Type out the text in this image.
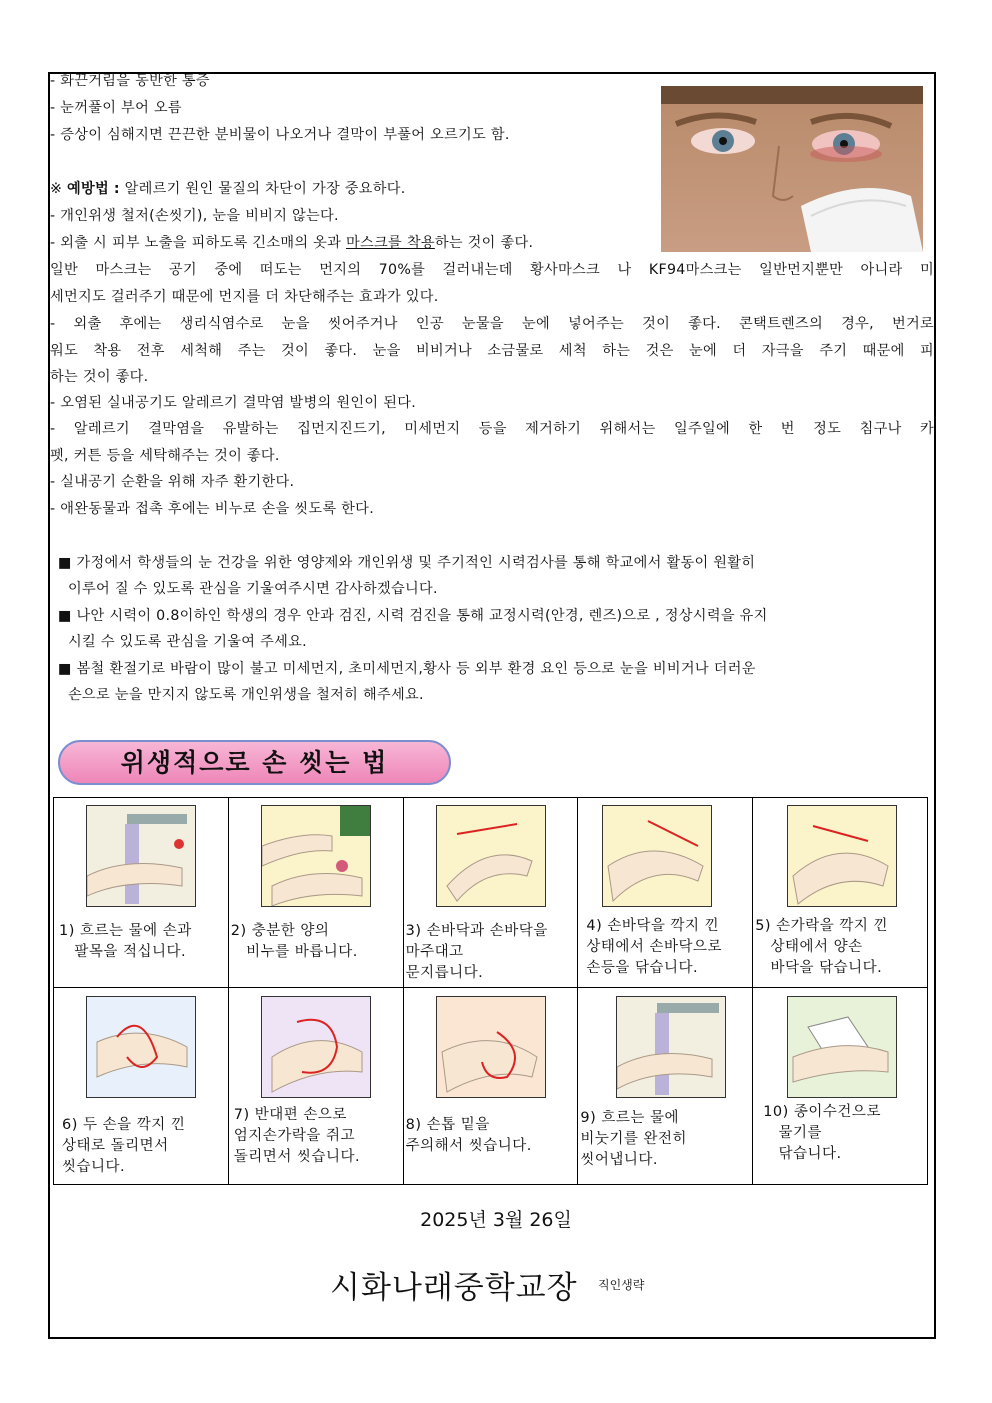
- 화끈거림을 동반한 통증
- 눈꺼풀이 부어 오름
- 증상이 심해지면 끈끈한 분비물이 나오거나 결막이 부풀어 오르기도 함.
※ 예방법 : 알레르기 원인 물질의 차단이 가장 중요하다.
- 개인위생 철저(손씻기), 눈을 비비지 않는다.
- 외출 시 피부 노출을 피하도록 긴소매의 옷과 마스크를 착용하는 것이 좋다.
일반 마스크는 공기 중에 떠도는 먼지의 70%를 걸러내는데 황사마스크 나 KF94마스크는 일반먼지뿐만 아니라 미
세먼지도 걸러주기 때문에 먼지를 더 차단해주는 효과가 있다.
- 외출 후에는 생리식염수로 눈을 씻어주거나 인공 눈물을 눈에 넣어주는 것이 좋다. 콘택트렌즈의 경우, 번거로
워도 착용 전후 세척해 주는 것이 좋다. 눈을 비비거나 소금물로 세척 하는 것은 눈에 더 자극을 주기 때문에 피
하는 것이 좋다.
- 오염된 실내공기도 알레르기 결막염 발병의 원인이 된다.
- 알레르기 결막염을 유발하는 집먼지진드기, 미세먼지 등을 제거하기 위해서는 일주일에 한 번 정도 침구나 카
펫, 커튼 등을 세탁해주는 것이 좋다.
- 실내공기 순환을 위해 자주 환기한다.
- 애완동물과 접촉 후에는 비누로 손을 씻도록 한다.
■ 가정에서 학생들의 눈 건강을 위한 영양제와 개인위생 및 주기적인 시력검사를 통해 학교에서 활동이 원활히
이루어 질 수 있도록 관심을 기울여주시면 감사하겠습니다.
■ 나안 시력이 0.8이하인 학생의 경우 안과 검진, 시력 검진을 통해 교정시력(안경, 렌즈)으로 , 정상시력을 유지
시킬 수 있도록 관심을 기울여 주세요.
■ 봄철 환절기로 바람이 많이 불고 미세먼지, 초미세먼지,황사 등 외부 환경 요인 등으로 눈을 비비거나 더러운
손으로 눈을 만지지 않도록 개인위생을 철저히 해주세요.
위생적으로 손 씻는 법
1) 흐르는 물에 손과
팔목을 적십니다.	2) 충분한 양의
비누를 바릅니다.	3) 손바닥과 손바닥을
마주대고
문지릅니다.	4) 손바닥을 깍지 낀
상태에서 손바닥으로
손등을 닦습니다.	5) 손가락을 깍지 낀
상태에서 양손
바닥을 닦습니다.

6) 두 손을 깍지 낀
상태로 돌리면서
씻습니다.	7) 반대편 손으로
엄지손가락을 쥐고
돌리면서 씻습니다.	8) 손톱 밑을
주의해서 씻습니다.	9) 흐르는 물에
비눗기를 완전히
씻어냅니다.	10) 종이수건으로
물기를
닦습니다.
2025년 3월 26일
시화나래중학교장 직인생략
